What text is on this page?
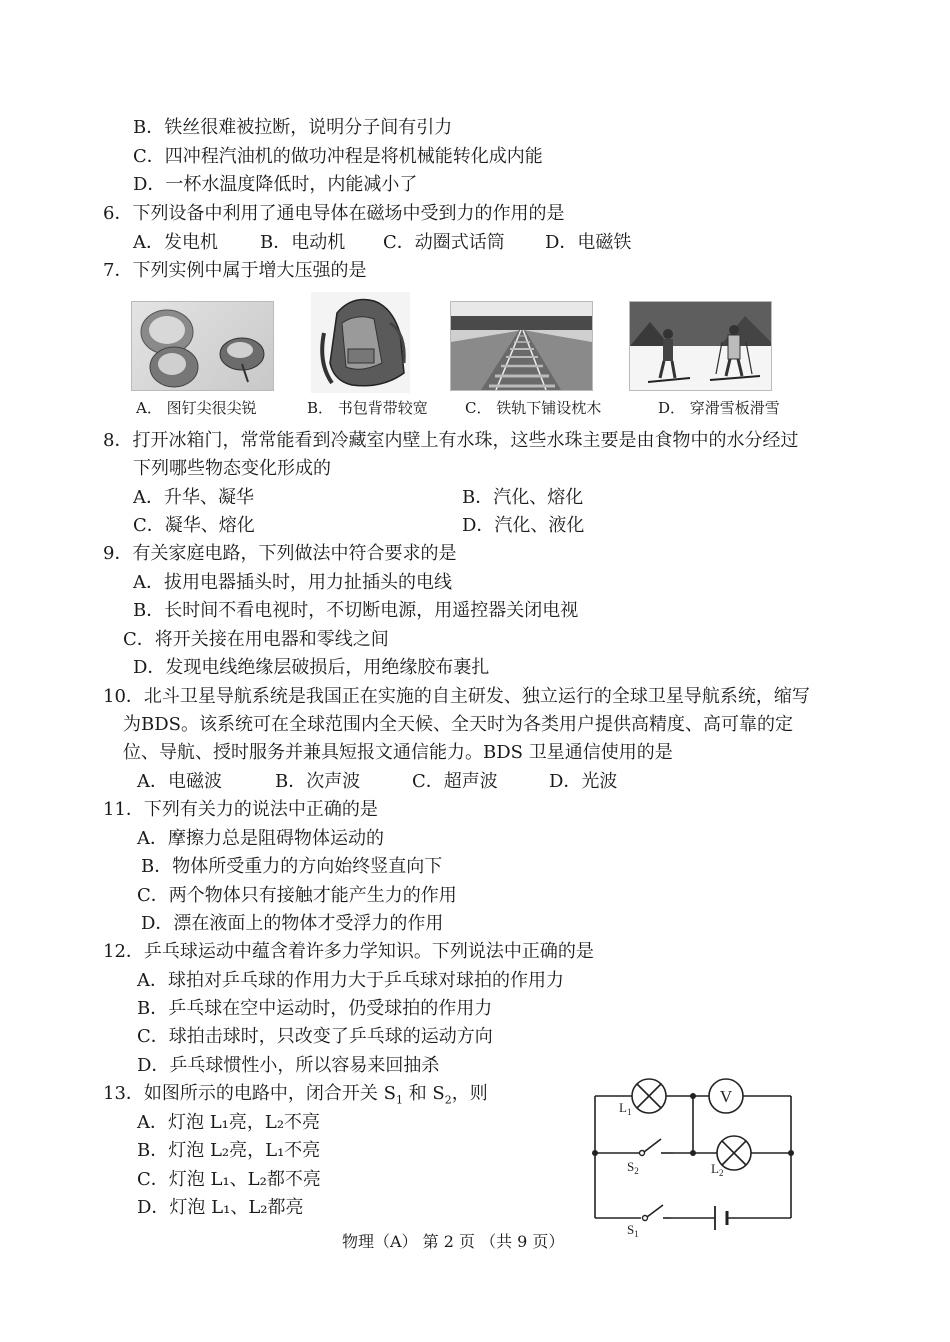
B．铁丝很难被拉断，说明分子间有引力
C．四冲程汽油机的做功冲程是将机械能转化成内能
D．一杯水温度降低时，内能减小了
6．下列设备中利用了通电导体在磁场中受到力的作用的是
A．发电机 B．电动机 C．动圈式话筒 D．电磁铁
7．下列实例中属于增大压强的是
A． 图钉尖很尖锐	B． 书包背带较宽 C． 铁轨下铺设枕木	D． 穿滑雪板滑雪
8．打开冰箱门，常常能看到冷藏室内壁上有水珠，这些水珠主要是由食物中的水分经过
下列哪些物态变化形成的
A．升华、凝华	B．汽化、熔化
C．凝华、熔化	D．汽化、液化
9．有关家庭电路，下列做法中符合要求的是
A．拔用电器插头时，用力扯插头的电线
B．长时间不看电视时，不切断电源，用遥控器关闭电视
C．将开关接在用电器和零线之间
D．发现电线绝缘层破损后，用绝缘胶布裹扎
10．北斗卫星导航系统是我国正在实施的自主研发、独立运行的全球卫星导航系统，缩写
为BDS。该系统可在全球范围内全天候、全天时为各类用户提供高精度、高可靠的定
位、导航、授时服务并兼具短报文通信能力。BDS 卫星通信使用的是
A．电磁波	B．次声波	C．超声波	D．光波
11．下列有关力的说法中正确的是
A．摩擦力总是阻碍物体运动的
B．物体所受重力的方向始终竖直向下
C．两个物体只有接触才能产生力的作用
D．漂在液面上的物体才受浮力的作用
12．乒乓球运动中蕴含着许多力学知识。下列说法中正确的是
A．球拍对乒乓球的作用力大于乒乓球对球拍的作用力
B．乒乓球在空中运动时，仍受球拍的作用力
C．球拍击球时，只改变了乒乓球的运动方向
D．乒乓球惯性小，所以容易来回抽杀
13．如图所示的电路中，闭合开关 $S_1$ 和 $S_2$，则
A．灯泡 L₁亮，L₂不亮
B．灯泡 L₂亮，L₁不亮
C．灯泡 L₁、L₂都不亮
D．灯泡 L₁、L₂都亮
V
$L_1$
$S_2$	$L_2$
$S_1$
物理（A） 第 2 页 （共 9 页）
